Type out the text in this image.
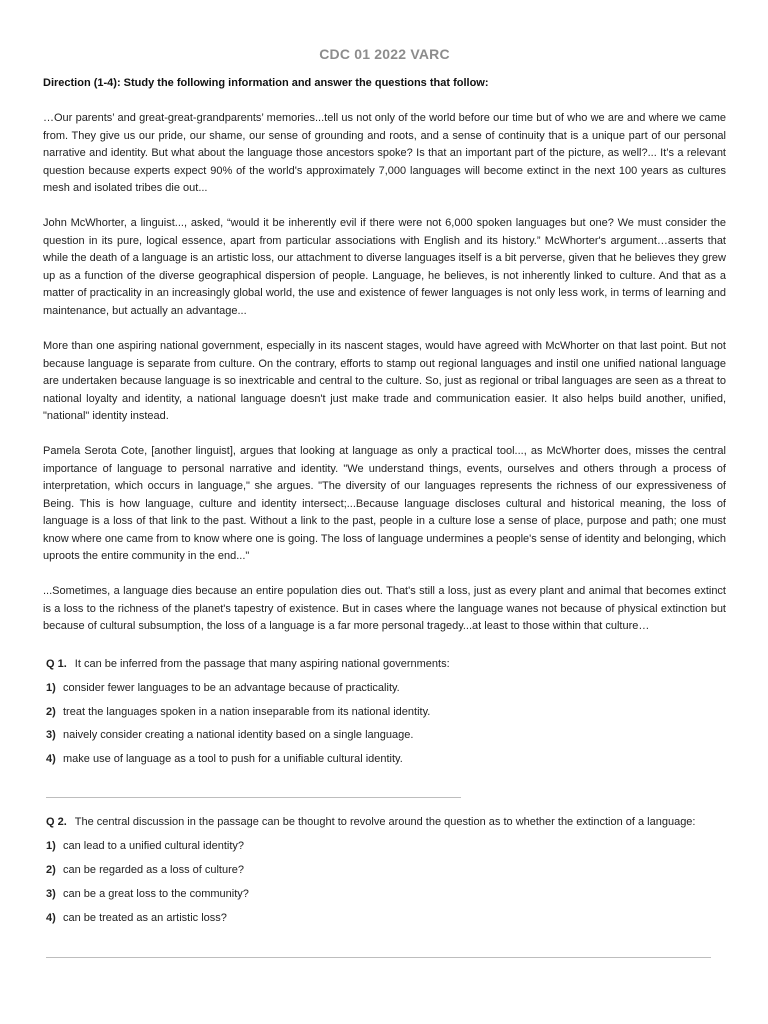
CDC 01 2022 VARC
Direction (1-4): Study the following information and answer the questions that follow:

…Our parents’ and great-great-grandparents’ memories...tell us not only of the world before our time but of who we are and where we came from. They give us our pride, our shame, our sense of grounding and roots, and a sense of continuity that is a unique part of our personal narrative and identity. But what about the language those ancestors spoke? Is that an important part of the picture, as well?... It’s a relevant question because experts expect 90% of the world's approximately 7,000 languages will become extinct in the next 100 years as cultures mesh and isolated tribes die out...

John McWhorter, a linguist..., asked, “would it be inherently evil if there were not 6,000 spoken languages but one? We must consider the question in its pure, logical essence, apart from particular associations with English and its history.” McWhorter's argument…asserts that while the death of a language is an artistic loss, our attachment to diverse languages itself is a bit perverse, given that he believes they grew up as a function of the diverse geographical dispersion of people. Language, he believes, is not inherently linked to culture. And that as a matter of practicality in an increasingly global world, the use and existence of fewer languages is not only less work, in terms of learning and maintenance, but actually an advantage...

More than one aspiring national government, especially in its nascent stages, would have agreed with McWhorter on that last point. But not because language is separate from culture. On the contrary, efforts to stamp out regional languages and instil one unified national language are undertaken because language is so inextricable and central to the culture. So, just as regional or tribal languages are seen as a threat to national loyalty and identity, a national language doesn't just make trade and communication easier. It also helps build another, unified, "national" identity instead.

Pamela Serota Cote, [another linguist], argues that looking at language as only a practical tool..., as McWhorter does, misses the central importance of language to personal narrative and identity. "We understand things, events, ourselves and others through a process of interpretation, which occurs in language," she argues. "The diversity of our languages represents the richness of our expressiveness of Being. This is how language, culture and identity intersect;...Because language discloses cultural and historical meaning, the loss of language is a loss of that link to the past. Without a link to the past, people in a culture lose a sense of place, purpose and path; one must know where one came from to know where one is going. The loss of language undermines a people's sense of identity and belonging, which uproots the entire community in the end..."

...Sometimes, a language dies because an entire population dies out. That's still a loss, just as every plant and animal that becomes extinct is a loss to the richness of the planet's tapestry of existence. But in cases where the language wanes not because of physical extinction but because of cultural subsumption, the loss of a language is a far more personal tragedy...at least to those within that culture…

Q 1. It can be inferred from the passage that many aspiring national governments:
1) consider fewer languages to be an advantage because of practicality.
2) treat the languages spoken in a nation inseparable from its national identity.
3) naively consider creating a national identity based on a single language.
4) make use of language as a tool to push for a unifiable cultural identity.
Q 2. The central discussion in the passage can be thought to revolve around the question as to whether the extinction of a language:
1) can lead to a unified cultural identity?
2) can be regarded as a loss of culture?
3) can be a great loss to the community?
4) can be treated as an artistic loss?
